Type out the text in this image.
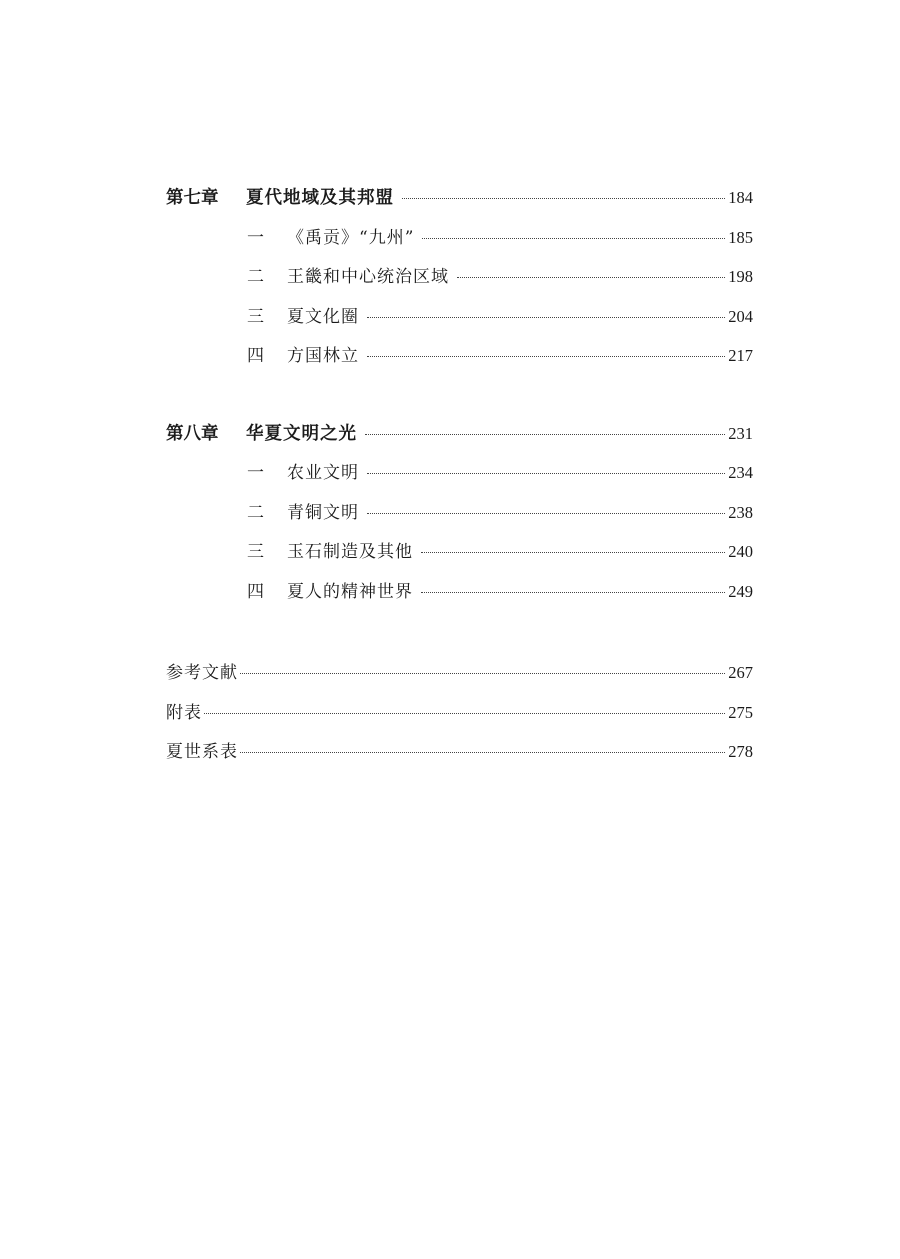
第七章 夏代地域及其邦盟	184
一 《禹贡》“九州”	185
二 王畿和中心统治区域	198
三 夏文化圈	204
四 方国林立	217
第八章 华夏文明之光	231
一 农业文明	234
二 青铜文明	238
三 玉石制造及其他	240
四 夏人的精神世界	249
参考文献	267
附表	275
夏世系表	278
